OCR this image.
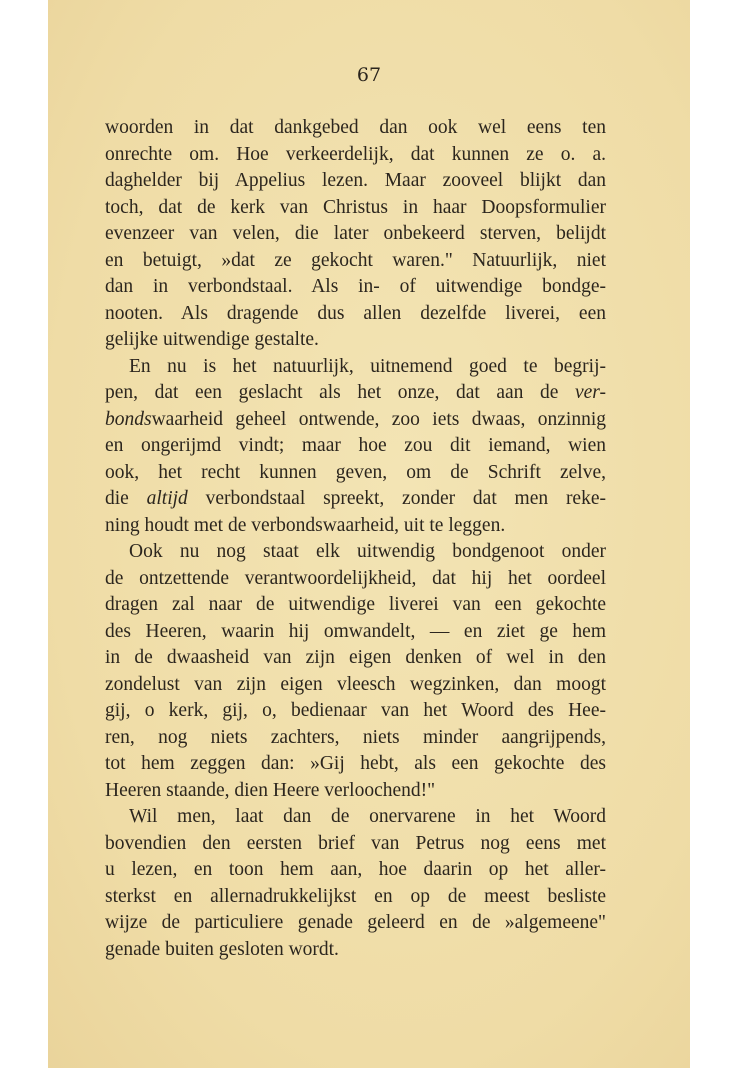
67
woorden in dat dankgebed dan ook wel eens ten
onrechte om. Hoe verkeerdelijk, dat kunnen ze o. a.
daghelder bij Appelius lezen. Maar zooveel blijkt dan
toch, dat de kerk van Christus in haar Doopsformulier
evenzeer van velen, die later onbekeerd sterven, belijdt
en betuigt, »dat ze gekocht waren." Natuurlijk, niet
dan in verbondstaal. Als in- of uitwendige bondge-
nooten. Als dragende dus allen dezelfde liverei, een
gelijke uitwendige gestalte.
En nu is het natuurlijk, uitnemend goed te begrij-
pen, dat een geslacht als het onze, dat aan de ver-
bondswaarheid geheel ontwende, zoo iets dwaas, onzinnig
en ongerijmd vindt; maar hoe zou dit iemand, wien
ook, het recht kunnen geven, om de Schrift zelve,
die altijd verbondstaal spreekt, zonder dat men reke-
ning houdt met de verbondswaarheid, uit te leggen.
Ook nu nog staat elk uitwendig bondgenoot onder
de ontzettende verantwoordelijkheid, dat hij het oordeel
dragen zal naar de uitwendige liverei van een gekochte
des Heeren, waarin hij omwandelt, — en ziet ge hem
in de dwaasheid van zijn eigen denken of wel in den
zondelust van zijn eigen vleesch wegzinken, dan moogt
gij, o kerk, gij, o, bedienaar van het Woord des Hee-
ren, nog niets zachters, niets minder aangrijpends,
tot hem zeggen dan: »Gij hebt, als een gekochte des
Heeren staande, dien Heere verloochend!"
Wil men, laat dan de onervarene in het Woord
bovendien den eersten brief van Petrus nog eens met
u lezen, en toon hem aan, hoe daarin op het aller-
sterkst en allernadrukkelijkst en op de meest besliste
wijze de particuliere genade geleerd en de »algemeene"
genade buiten gesloten wordt.
